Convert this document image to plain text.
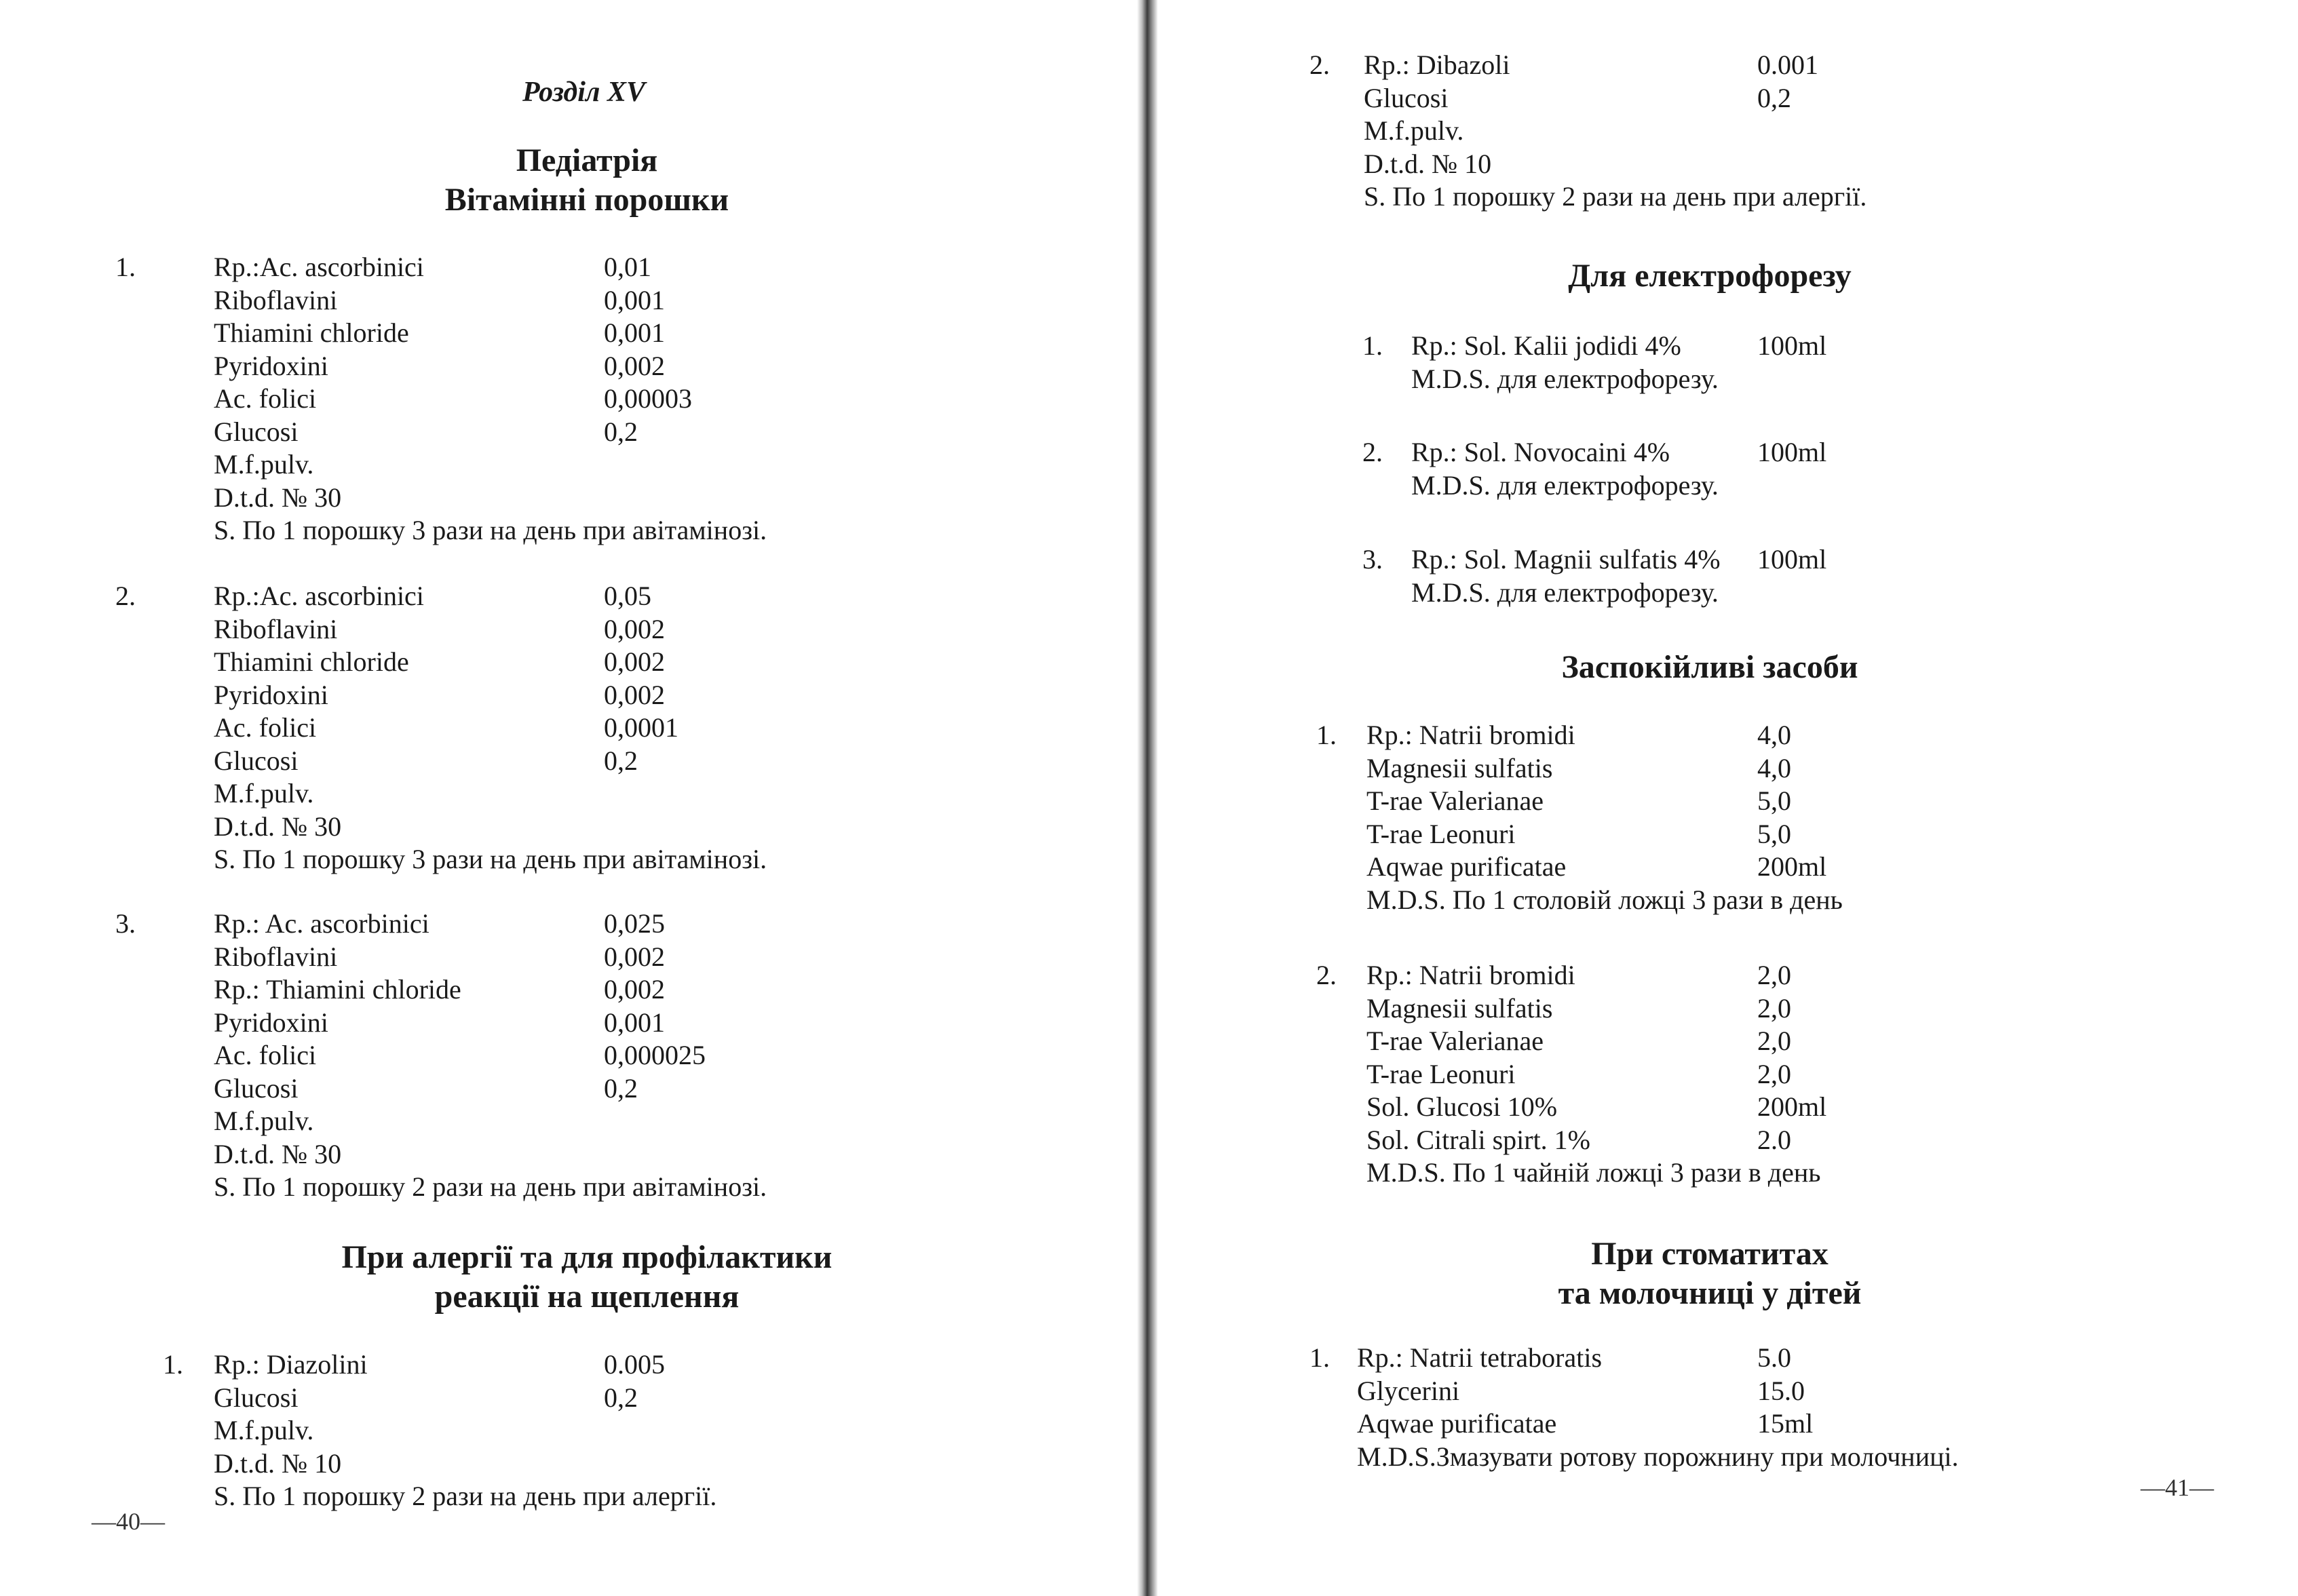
Розділ XV
Педіатрія
Вітамінні порошки
1.	Rp.:Ac. ascorbinici	0,01
Riboflavini	0,001
Thiamini chloride	0,001
Pyridoxini	0,002
Ac. folici	0,00003
Glucosi	0,2
M.f.pulv.
D.t.d. № 30
S. По 1 порошку 3 рази на день при авітамінозі.
2.	Rp.:Ac. ascorbinici	0,05
Riboflavini	0,002
Thiamini chloride	0,002
Pyridoxini	0,002
Ac. folici	0,0001
Glucosi	0,2
M.f.pulv.
D.t.d. № 30
S. По 1 порошку 3 рази на день при авітамінозі.
3.	Rp.: Ac. ascorbinici	0,025
Riboflavini	0,002
Rp.: Thiamini chloride	0,002
Pyridoxini	0,001
Ac. folici	0,000025
Glucosi	0,2
M.f.pulv.
D.t.d. № 30
S. По 1 порошку 2 рази на день при авітамінозі.
При алергії та для профілактики
реакції на щеплення
1. Rp.: Diazolini	0.005
Glucosi	0,2
M.f.pulv.
D.t.d. № 10
S. По 1 порошку 2 рази на день при алергії.
—40—
2. Rp.: Dibazoli	0.001
Glucosi	0,2
M.f.pulv.
D.t.d. № 10
S. По 1 порошку 2 рази на день при алергії.
Для електрофорезу
1. Rp.: Sol. Kalii jodidi 4%	100ml
M.D.S. для електрофорезу.
2. Rp.: Sol. Novocaini 4%	100ml
M.D.S. для електрофорезу.
3. Rp.: Sol. Magnii sulfatis 4% 100ml
M.D.S. для електрофорезу.
Заспокійливі засоби
1. Rp.: Natrii bromidi	4,0
Magnesii sulfatis	4,0
T-rae Valerianae	5,0
T-rae Leonuri	5,0
Aqwae purificatae	200ml
M.D.S. По 1 столовій ложці 3 рази в день
2. Rp.: Natrii bromidi	2,0
Magnesii sulfatis	2,0
T-rae Valerianae	2,0
T-rae Leonuri	2,0
Sol. Glucosi 10%	200ml
Sol. Citrali spirt. 1%	2.0
M.D.S. По 1 чайній ложці 3 рази в день
При стоматитах
та молочниці у дітей
1. Rp.: Natrii tetraboratis	5.0
Glycerini	15.0
Aqwae purificatae	15ml
M.D.S.Змазувати ротову порожнину при молочниці.
—41—
